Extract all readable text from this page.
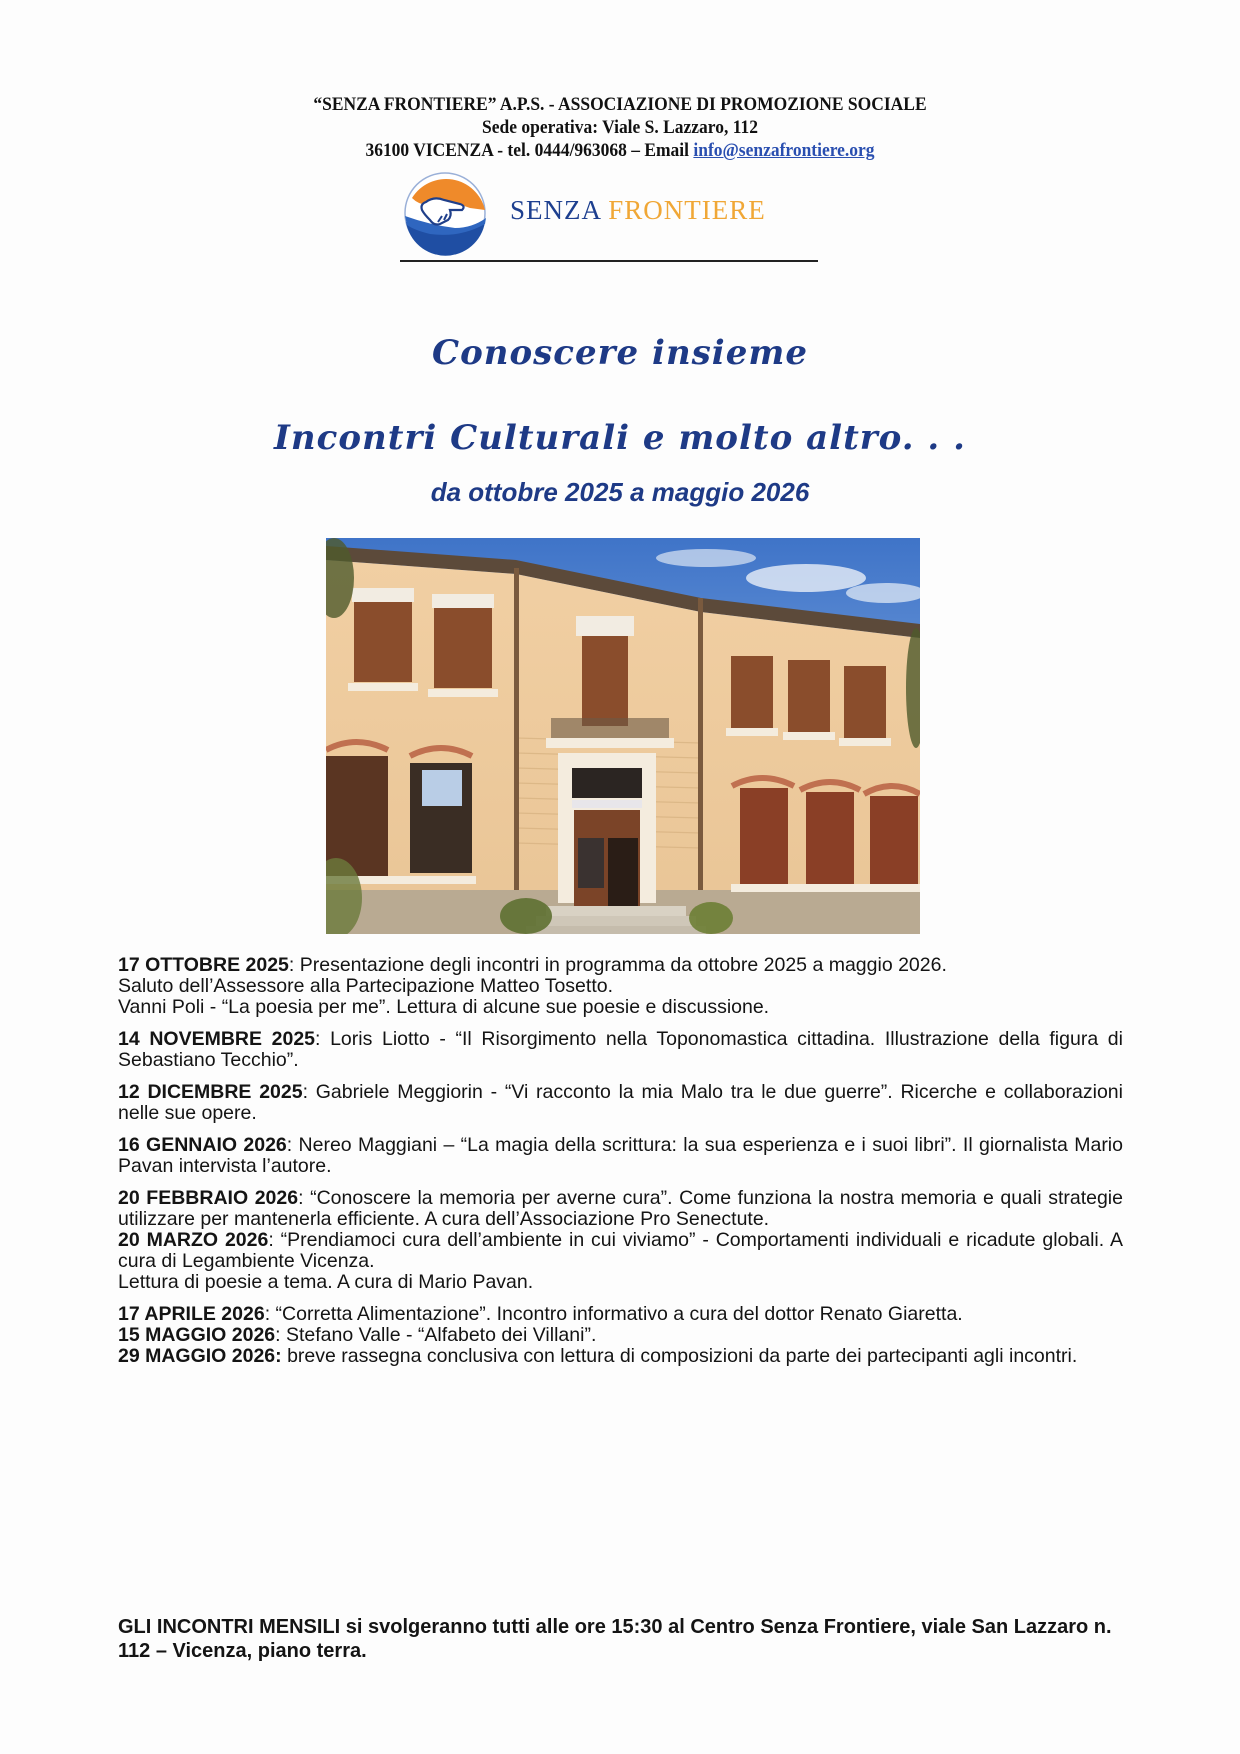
“SENZA FRONTIERE” A.P.S. - ASSOCIAZIONE DI PROMOZIONE SOCIALE
Sede operativa: Viale S. Lazzaro, 112
36100 VICENZA - tel. 0444/963068 – Email info@senzafrontiere.org
SENZA FRONTIERE
Conoscere insieme
Incontri Culturali e molto altro. . .
da ottobre 2025 a maggio 2026
17 OTTOBRE 2025: Presentazione degli incontri in programma da ottobre 2025 a maggio 2026.
Saluto dell’Assessore alla Partecipazione Matteo Tosetto.
Vanni Poli - “La poesia per me”. Lettura di alcune sue poesie e discussione.
14 NOVEMBRE 2025: Loris Liotto - “Il Risorgimento nella Toponomastica cittadina. Illustrazione della figura di Sebastiano Tecchio”.
12 DICEMBRE 2025: Gabriele Meggiorin - “Vi racconto la mia Malo tra le due guerre”. Ricerche e collaborazioni nelle sue opere.
16 GENNAIO 2026: Nereo Maggiani – “La magia della scrittura: la sua esperienza e i suoi libri”. Il giornalista Mario Pavan intervista l’autore.
20 FEBBRAIO 2026: “Conoscere la memoria per averne cura”. Come funziona la nostra memoria e quali strategie utilizzare per mantenerla efficiente. A cura dell’Associazione Pro Senectute.
20 MARZO 2026: “Prendiamoci cura dell’ambiente in cui viviamo” - Comportamenti individuali e ricadute globali. A cura di Legambiente Vicenza.
Lettura di poesie a tema. A cura di Mario Pavan.
17 APRILE 2026: “Corretta Alimentazione”. Incontro informativo a cura del dottor Renato Giaretta.
15 MAGGIO 2026: Stefano Valle - “Alfabeto dei Villani”.
29 MAGGIO 2026: breve rassegna conclusiva con lettura di composizioni da parte dei partecipanti agli incontri.
GLI INCONTRI MENSILI si svolgeranno tutti alle ore 15:30 al Centro Senza Frontiere, viale San Lazzaro n. 112 – Vicenza, piano terra.
